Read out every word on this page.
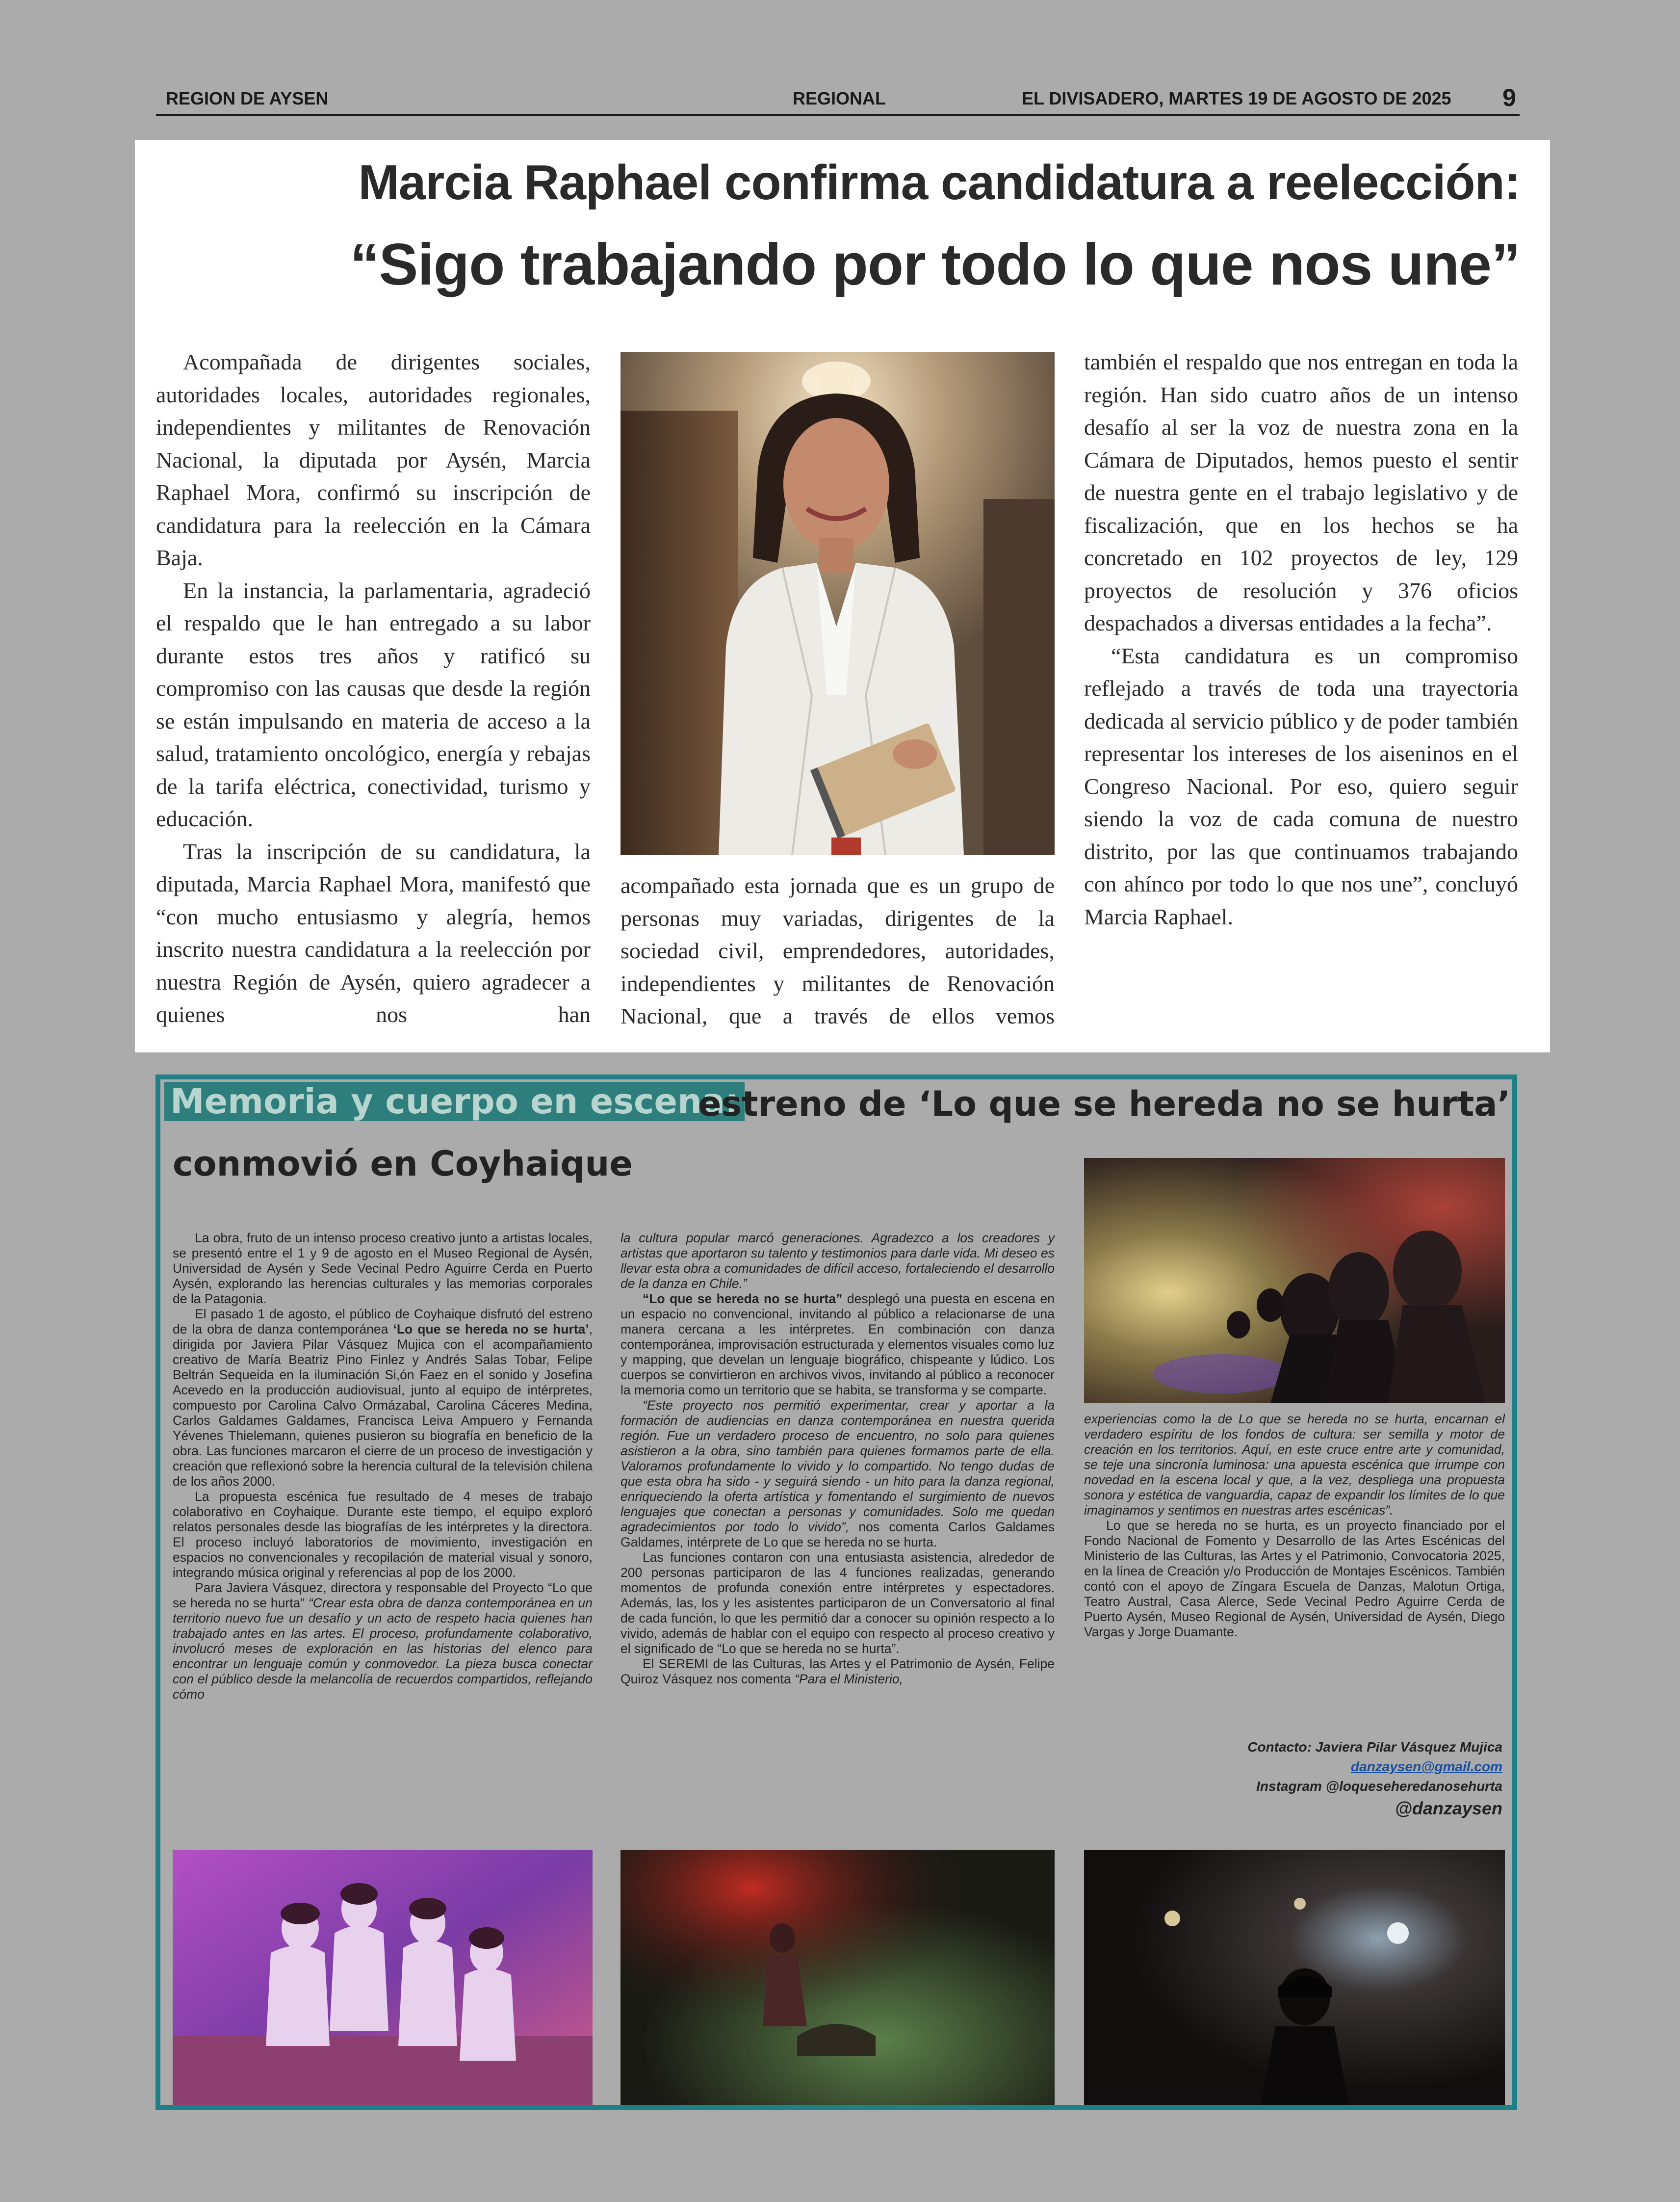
REGION DE AYSEN	REGIONAL	EL DIVISADERO, MARTES 19 DE AGOSTO DE 2025 9
Marcia Raphael confirma candidatura a reelección:
“Sigo trabajando por todo lo que nos une”

Acompañada de dirigentes sociales, autoridades locales, autoridades regionales, independientes y militantes de Renovación Nacional, la diputada por Aysén, Marcia Raphael Mora, confirmó su inscripción de candidatura para la reelección en la Cámara Baja.

En la instancia, la parlamentaria, agradeció el respaldo que le han entregado a su labor durante estos tres años y ratificó su compromiso con las causas que desde la región se están impulsando en materia de acceso a la salud, tratamiento oncológico, energía y rebajas de la tarifa eléctrica, conectividad, turismo y educación.

Tras la inscripción de su candidatura, la diputada, Marcia Raphael Mora, manifestó que “con mucho entusiasmo y alegría, hemos inscrito nuestra candidatura a la reelección por nuestra Región de Aysén, quiero agradecer a quienes nos han

acompañado esta jornada que es un grupo de personas muy variadas, dirigentes de la sociedad civil, emprendedores, autoridades, independientes y militantes de Renovación Nacional, que a través de ellos vemos

también el respaldo que nos entregan en toda la región. Han sido cuatro años de un intenso desafío al ser la voz de nuestra zona en la Cámara de Diputados, hemos puesto el sentir de nuestra gente en el trabajo legislativo y de fiscalización, que en los hechos se ha concretado en 102 proyectos de ley, 129 proyectos de resolución y 376 oficios despachados a diversas entidades a la fecha”.

“Esta candidatura es un compromiso reflejado a través de toda una trayectoria dedicada al servicio público y de poder también representar los intereses de los aiseninos en el Congreso Nacional. Por eso, quiero seguir siendo la voz de cada comuna de nuestro distrito, por las que continuamos trabajando con ahínco por todo lo que nos une”, concluyó Marcia Raphael.

Memoria y cuerpo en escena:
estreno de ‘Lo que se hereda no se hurta’
conmovió en Coyhaique

La obra, fruto de un intenso proceso creativo junto a artistas locales, se presentó entre el 1 y 9 de agosto en el Museo Regional de Aysén, Universidad de Aysén y Sede Vecinal Pedro Aguirre Cerda en Puerto Aysén, explorando las herencias culturales y las memorias corporales de la Patagonia.

El pasado 1 de agosto, el público de Coyhaique disfrutó del estreno de la obra de danza contemporánea ‘Lo que se hereda no se hurta’, dirigida por Javiera Pilar Vásquez Mujica con el acompañamiento creativo de María Beatriz Pino Finlez y Andrés Salas Tobar, Felipe Beltrán Sequeida en la iluminación Si,ón Faez en el sonido y Josefina Acevedo en la producción audiovisual, junto al equipo de intérpretes, compuesto por Carolina Calvo Ormázabal, Carolina Cáceres Medina, Carlos Galdames Galdames, Francisca Leiva Ampuero y Fernanda Yévenes Thielemann, quienes pusieron su biografía en beneficio de la obra. Las funciones marcaron el cierre de un proceso de investigación y creación que reflexionó sobre la herencia cultural de la televisión chilena de los años 2000.

La propuesta escénica fue resultado de 4 meses de trabajo colaborativo en Coyhaique. Durante este tiempo, el equipo exploró relatos personales desde las biografías de les intérpretes y la directora. El proceso incluyó laboratorios de movimiento, investigación en espacios no convencionales y recopilación de material visual y sonoro, integrando música original y referencias al pop de los 2000.

Para Javiera Vásquez, directora y responsable del Proyecto “Lo que se hereda no se hurta” “Crear esta obra de danza contemporánea en un territorio nuevo fue un desafío y un acto de respeto hacia quienes han trabajado antes en las artes. El proceso, profundamente colaborativo, involucró meses de exploración en las historias del elenco para encontrar un lenguaje común y conmovedor. La pieza busca conectar con el público desde la melancolía de recuerdos compartidos, reflejando cómo

la cultura popular marcó generaciones. Agradezco a los creadores y artistas que aportaron su talento y testimonios para darle vida. Mi deseo es llevar esta obra a comunidades de difícil acceso, fortaleciendo el desarrollo de la danza en Chile.”

“Lo que se hereda no se hurta” desplegó una puesta en escena en un espacio no convencional, invitando al público a relacionarse de una manera cercana a les intérpretes. En combinación con danza contemporánea, improvisación estructurada y elementos visuales como luz y mapping, que develan un lenguaje biográfico, chispeante y lúdico. Los cuerpos se convirtieron en archivos vivos, invitando al público a reconocer la memoria como un territorio que se habita, se transforma y se comparte.

“Este proyecto nos permitió experimentar, crear y aportar a la formación de audiencias en danza contemporánea en nuestra querida región. Fue un verdadero proceso de encuentro, no solo para quienes asistieron a la obra, sino también para quienes formamos parte de ella. Valoramos profundamente lo vivido y lo compartido. No tengo dudas de que esta obra ha sido - y seguirá siendo - un hito para la danza regional, enriqueciendo la oferta artística y fomentando el surgimiento de nuevos lenguajes que conectan a personas y comunidades. Solo me quedan agradecimientos por todo lo vivido”, nos comenta Carlos Galdames Galdames, intérprete de Lo que se hereda no se hurta.

Las funciones contaron con una entusiasta asistencia, alrededor de 200 personas participaron de las 4 funciones realizadas, generando momentos de profunda conexión entre intérpretes y espectadores. Además, las, los y les asistentes participaron de un Conversatorio al final de cada función, lo que les permitió dar a conocer su opinión respecto a lo vivido, además de hablar con el equipo con respecto al proceso creativo y el significado de “Lo que se hereda no se hurta”.

El SEREMI de las Culturas, las Artes y el Patrimonio de Aysén, Felipe Quiroz Vásquez nos comenta “Para el Ministerio,

experiencias como la de Lo que se hereda no se hurta, encarnan el verdadero espíritu de los fondos de cultura: ser semilla y motor de creación en los territorios. Aquí, en este cruce entre arte y comunidad, se teje una sincronía luminosa: una apuesta escénica que irrumpe con novedad en la escena local y que, a la vez, despliega una propuesta sonora y estética de vanguardia, capaz de expandir los límites de lo que imaginamos y sentimos en nuestras artes escénicas”.

Lo que se hereda no se hurta, es un proyecto financiado por el Fondo Nacional de Fomento y Desarrollo de las Artes Escénicas del Ministerio de las Culturas, las Artes y el Patrimonio, Convocatoria 2025, en la línea de Creación y/o Producción de Montajes Escénicos. También contó con el apoyo de Zíngara Escuela de Danzas, Malotun Ortiga, Teatro Austral, Casa Alerce, Sede Vecinal Pedro Aguirre Cerda de Puerto Aysén, Museo Regional de Aysén, Universidad de Aysén, Diego Vargas y Jorge Duamante.

Contacto: Javiera Pilar Vásquez Mujica
danzaysen@gmail.com
Instagram @loqueseheredanosehurta
@danzaysen
